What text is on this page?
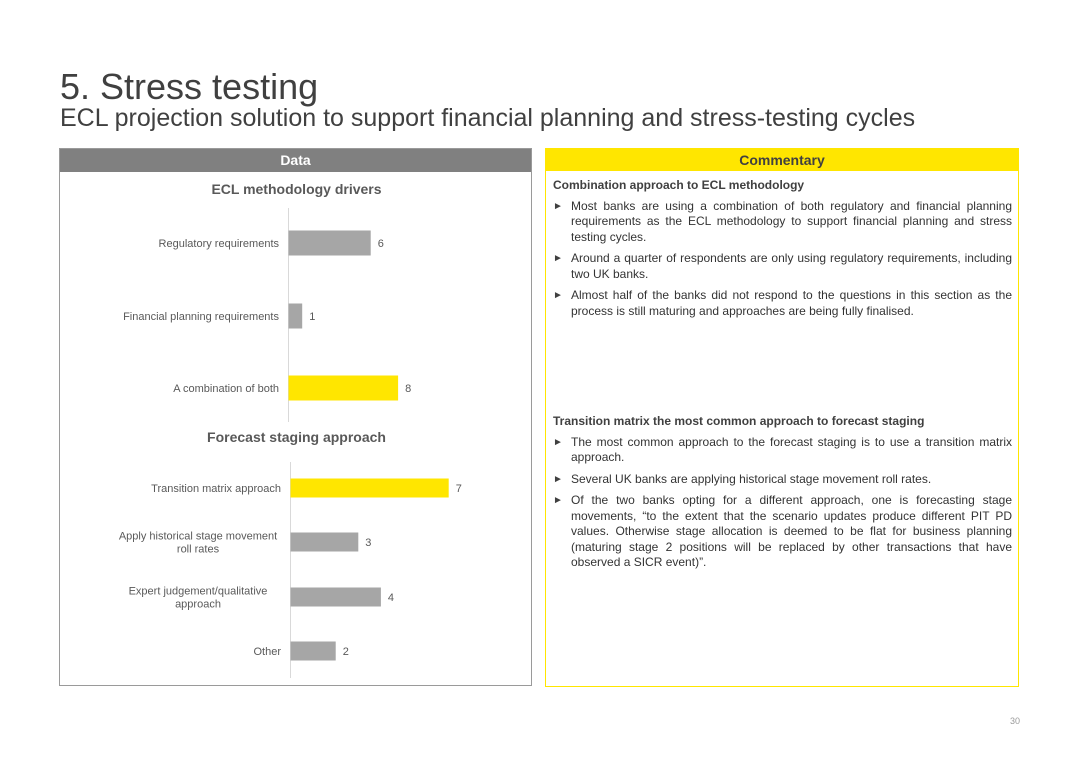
5. Stress testing
ECL projection solution to support financial planning and stress-testing cycles
Data
ECL methodology drivers
Forecast staging approach
6
Regulatory requirements
1
Financial planning requirements
8
A combination of both
7
Transition matrix approach
3
Apply historical stage movement roll rates
4
Expert judgement/qualitative approach
2
Other
Commentary
Combination approach to ECL methodology
► Most banks are using a combination of both regulatory and financial planning requirements as the ECL methodology to support financial planning and stress testing cycles.
► Around a quarter of respondents are only using regulatory requirements, including two UK banks.
► Almost half of the banks did not respond to the questions in this section as the process is still maturing and approaches are being fully finalised.
Transition matrix the most common approach to forecast staging
► The most common approach to the forecast staging is to use a transition matrix approach.
► Several UK banks are applying historical stage movement roll rates.
► Of the two banks opting for a different approach, one is forecasting stage movements, “to the extent that the scenario updates produce different PIT PD values. Otherwise stage allocation is deemed to be flat for business planning (maturing stage 2 positions will be replaced by other transactions that have observed a SICR event)”.
30
